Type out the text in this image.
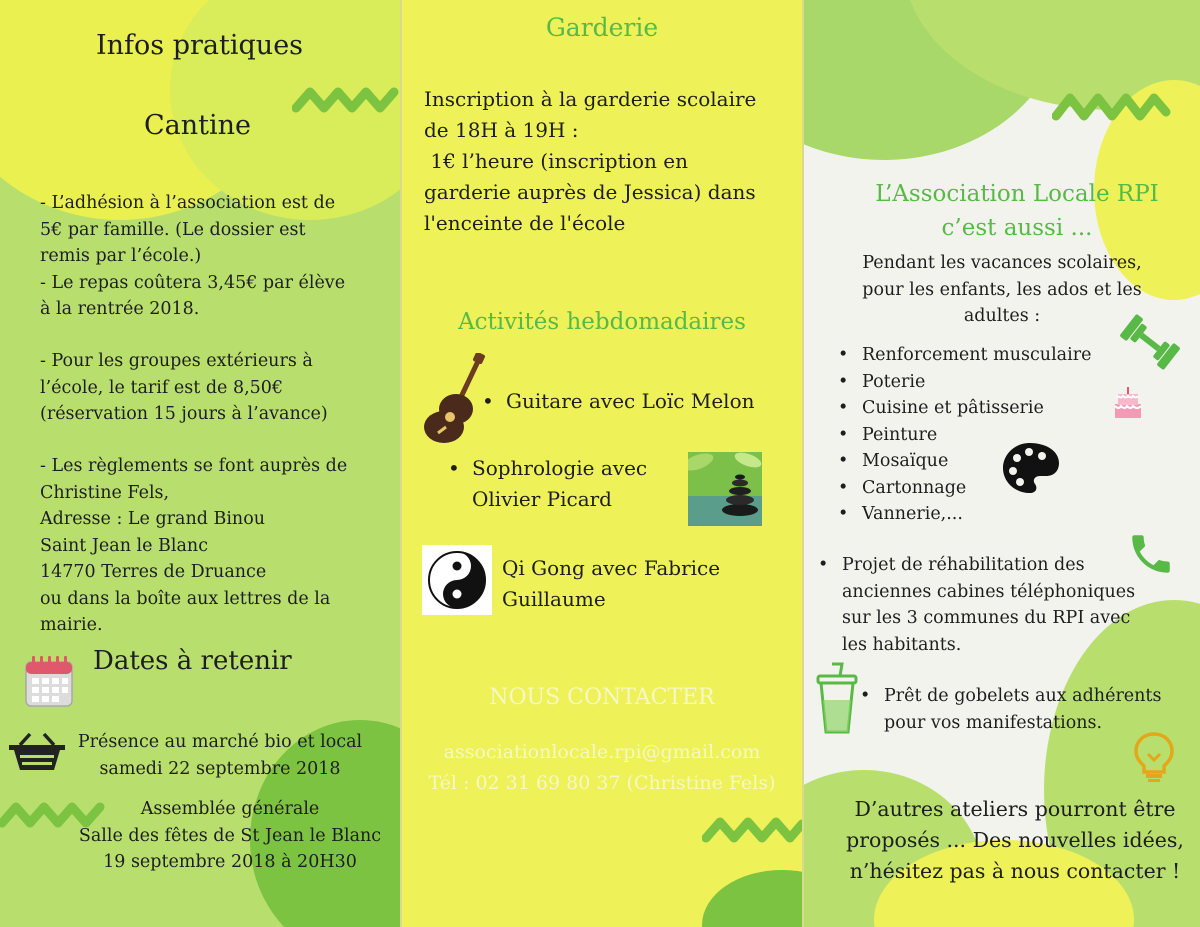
Infos pratiques
Cantine
- L’adhésion à l’association est de
5€ par famille. (Le dossier est
remis par l’école.)
- Le repas coûtera 3,45€ par élève
à la rentrée 2018.
- Pour les groupes extérieurs à
l’école, le tarif est de 8,50€
(réservation 15 jours à l’avance)
- Les règlements se font auprès de
Christine Fels,
Adresse : Le grand Binou
Saint Jean le Blanc
14770 Terres de Druance
ou dans la boîte aux lettres de la
mairie.
Dates à retenir
Présence au marché bio et local
samedi 22 septembre 2018
Assemblée générale
Salle des fêtes de St Jean le Blanc
19 septembre 2018 à 20H30
Garderie
Inscription à la garderie scolaire
de 18H à 19H :
1€ l’heure (inscription en
garderie auprès de Jessica) dans
l'enceinte de l'école
Activités hebdomadaires
• Guitare avec Loïc Melon
• Sophrologie avec
Olivier Picard
Qi Gong avec Fabrice
Guillaume
NOUS CONTACTER
associationlocale.rpi@gmail.com
Tél : 02 31 69 80 37 (Christine Fels)
L’Association Locale RPI
c’est aussi ...
Pendant les vacances scolaires,
pour les enfants, les ados et les
adultes :
• Renforcement musculaire
• Poterie
• Cuisine et pâtisserie
• Peinture
• Mosaïque
• Cartonnage
• Vannerie,...
• Projet de réhabilitation des
anciennes cabines téléphoniques
sur les 3 communes du RPI avec
les habitants.
• Prêt de gobelets aux adhérents
pour vos manifestations.
D’autres ateliers pourront être
proposés ... Des nouvelles idées,
n’hésitez pas à nous contacter !
